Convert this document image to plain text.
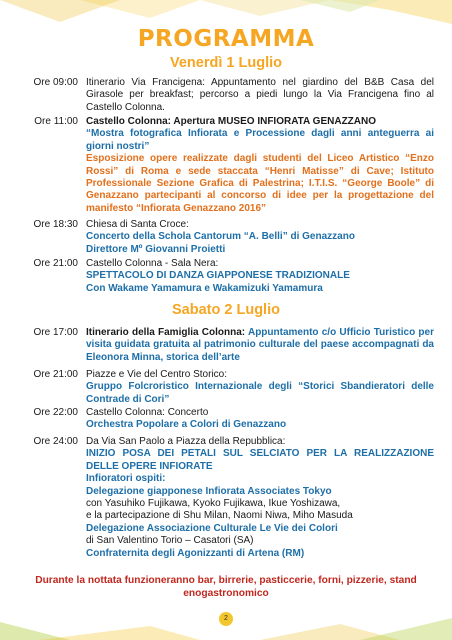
PROGRAMMA
Venerdì 1 Luglio
Ore 09:00 Itinerario Via Francigena: Appuntamento nel giardino del B&B Casa del Girasole per breakfast; percorso a piedi lungo la Via Francigena fino al Castello Colonna.
Ore 11:00 Castello Colonna: Apertura MUSEO INFIORATA GENAZZANO
“Mostra fotografica Infiorata e Processione dagli anni anteguerra ai giorni nostri”
Esposizione opere realizzate dagli studenti del Liceo Artistico “Enzo Rossi” di Roma e sede staccata “Henri Matisse” di Cave; Istituto Professionale Sezione Grafica di Palestrina; I.T.I.S. “George Boole” di Genazzano partecipanti al concorso di idee per la progettazione del manifesto “Infiorata Genazzano 2016”
Ore 18:30 Chiesa di Santa Croce:
Concerto della Schola Cantorum “A. Belli” di Genazzano
Direttore Mº Giovanni Proietti
Ore 21:00 Castello Colonna - Sala Nera:
SPETTACOLO DI DANZA GIAPPONESE TRADIZIONALE
Con Wakame Yamamura e Wakamizuki Yamamura
Sabato 2 Luglio
Ore 17:00 Itinerario della Famiglia Colonna: Appuntamento c/o Ufficio Turistico per visita guidata gratuita al patrimonio culturale del paese accompagnati da Eleonora Minna, storica dell’arte
Ore 21:00 Piazze e Vie del Centro Storico:
Gruppo Folcroristico Internazionale degli “Storici Sbandieratori delle Contrade di Cori”
Ore 22:00 Castello Colonna: Concerto
Orchestra Popolare a Colori di Genazzano
Ore 24:00 Da Via San Paolo a Piazza della Repubblica:
INIZIO POSA DEI PETALI SUL SELCIATO PER LA REALIZZAZIONE DELLE OPERE INFIORATE
Infioratori ospiti:
Delegazione giapponese Infiorata Associates Tokyo
con Yasuhiko Fujikawa, Kyoko Fujikawa, Ikue Yoshizawa,
e la partecipazione di Shu Milan, Naomi Niwa, Miho Masuda
Delegazione Associazione Culturale Le Vie dei Colori
di San Valentino Torio – Casatori (SA)
Confraternita degli Agonizzanti di Artena (RM)
Durante la nottata funzioneranno bar, birrerie, pasticcerie, forni, pizzerie, stand enogastronomico
2
